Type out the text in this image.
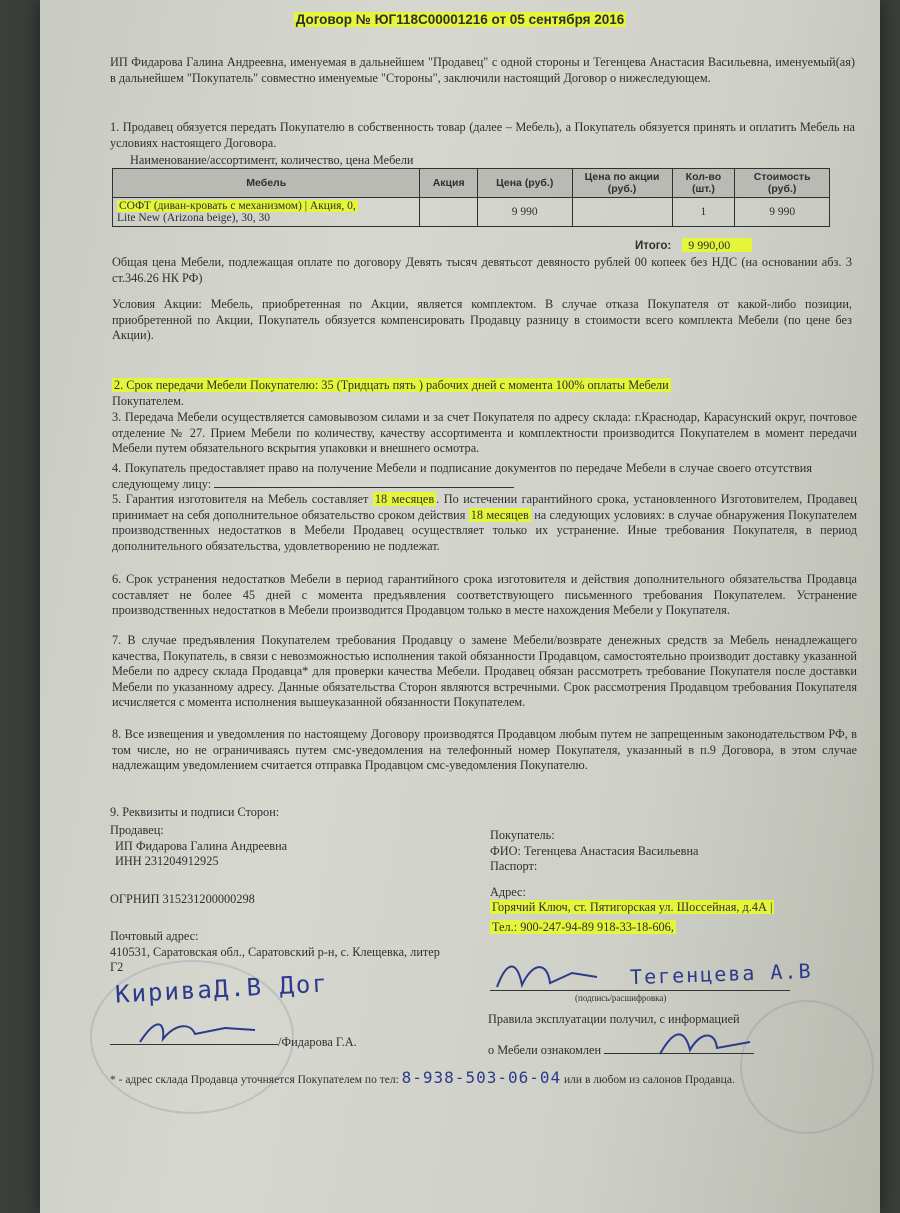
Договор № ЮГ118С00001216 от 05 сентября 2016
ИП Фидарова Галина Андреевна, именуемая в дальнейшем "Продавец" с одной стороны и Тегенцева Анастасия Васильевна, именуемый(ая) в дальнейшем "Покупатель" совместно именуемые "Стороны", заключили настоящий Договор о нижеследующем.
1. Продавец обязуется передать Покупателю в собственность товар (далее – Мебель), а Покупатель обязуется принять и оплатить Мебель на условиях настоящего Договора.
Наименование/ассортимент, количество, цена Мебели
Мебель	Акция	Цена (руб.)	Цена по акции (руб.)	Кол-во (шт.)	Стоимость (руб.)
СОФТ (диван-кровать с механизмом) | Акция, 0,
Lite New (Arizona beige), 30, 30		9 990		1	9 990
Итого: 9 990,00
Общая цена Мебели, подлежащая оплате по договору Девять тысяч девятьсот девяносто рублей 00 копеек без НДС (на основании абз. 3 ст.346.26 НК РФ)
Условия Акции: Мебель, приобретенная по Акции, является комплектом. В случае отказа Покупателя от какой-либо позиции, приобретенной по Акции, Покупатель обязуется компенсировать Продавцу разницу в стоимости всего комплекта Мебели (по цене без Акции).
2. Срок передачи Мебели Покупателю: 35 (Тридцать пять ) рабочих дней с момента 100% оплаты Мебели
Покупателем.
3. Передача Мебели осуществляется самовывозом силами и за счет Покупателя по адресу склада: г.Краснодар, Карасунский округ, почтовое отделение № 27. Прием Мебели по количеству, качеству ассортимента и комплектности производится Покупателем в момент передачи Мебели путем обязательного вскрытия упаковки и внешнего осмотра.
4. Покупатель предоставляет право на получение Мебели и подписание документов по передаче Мебели в случае своего отсутствия следующему лицу:
5. Гарантия изготовителя на Мебель составляет 18 месяцев . По истечении гарантийного срока, установленного Изготовителем, Продавец принимает на себя дополнительное обязательство сроком действия 18 месяцев на следующих условиях: в случае обнаружения Покупателем производственных недостатков в Мебели Продавец осуществляет только их устранение. Иные требования Покупателя, в период дополнительного обязательства, удовлетворению не подлежат.
6. Срок устранения недостатков Мебели в период гарантийного срока изготовителя и действия дополнительного обязательства Продавца составляет не более 45 дней с момента предъявления соответствующего письменного требования Покупателем. Устранение производственных недостатков в Мебели производится Продавцом только в месте нахождения Мебели у Покупателя.
7. В случае предъявления Покупателем требования Продавцу о замене Мебели/возврате денежных средств за Мебель ненадлежащего качества, Покупатель, в связи с невозможностью исполнения такой обязанности Продавцом, самостоятельно производит доставку указанной Мебели по адресу склада Продавца* для проверки качества Мебели. Продавец обязан рассмотреть требование Покупателя после доставки Мебели по указанному адресу. Данные обязательства Сторон являются встречными. Срок рассмотрения Продавцом требования Покупателя исчисляется с момента исполнения вышеуказанной обязанности Покупателем.
8. Все извещения и уведомления по настоящему Договору производятся Продавцом любым путем не запрещенным законодательством РФ, в том числе, но не ограничиваясь путем смс-уведомления на телефонный номер Покупателя, указанный в п.9 Договора, в этом случае надлежащим уведомлением считается отправка Продавцом смс-уведомления Покупателю.
9. Реквизиты и подписи Сторон:
Продавец:
ИП Фидарова Галина Андреевна
ИНН 231204912925
ОГРНИП 315231200000298
Почтовый адрес:
410531, Саратовская обл., Саратовский р-н, с. Клещевка, литер Г2
КириваД.В Дог
/Фидарова Г.А.
Покупатель:
ФИО: Тегенцева Анастасия Васильевна
Паспорт:
Адрес:
Горячий Ключ, ст. Пятигорская ул. Шоссейная, д.4А |
Тел.: 900-247-94-89 918-33-18-606,
Тегенцева А.В
(подпись/расшифровка)
Правила эксплуатации получил, с информацией
о Мебели ознакомлен
* - адрес склада Продавца уточняется Покупателем по тел: 8-938-503-06-04 или в любом из салонов Продавца.
